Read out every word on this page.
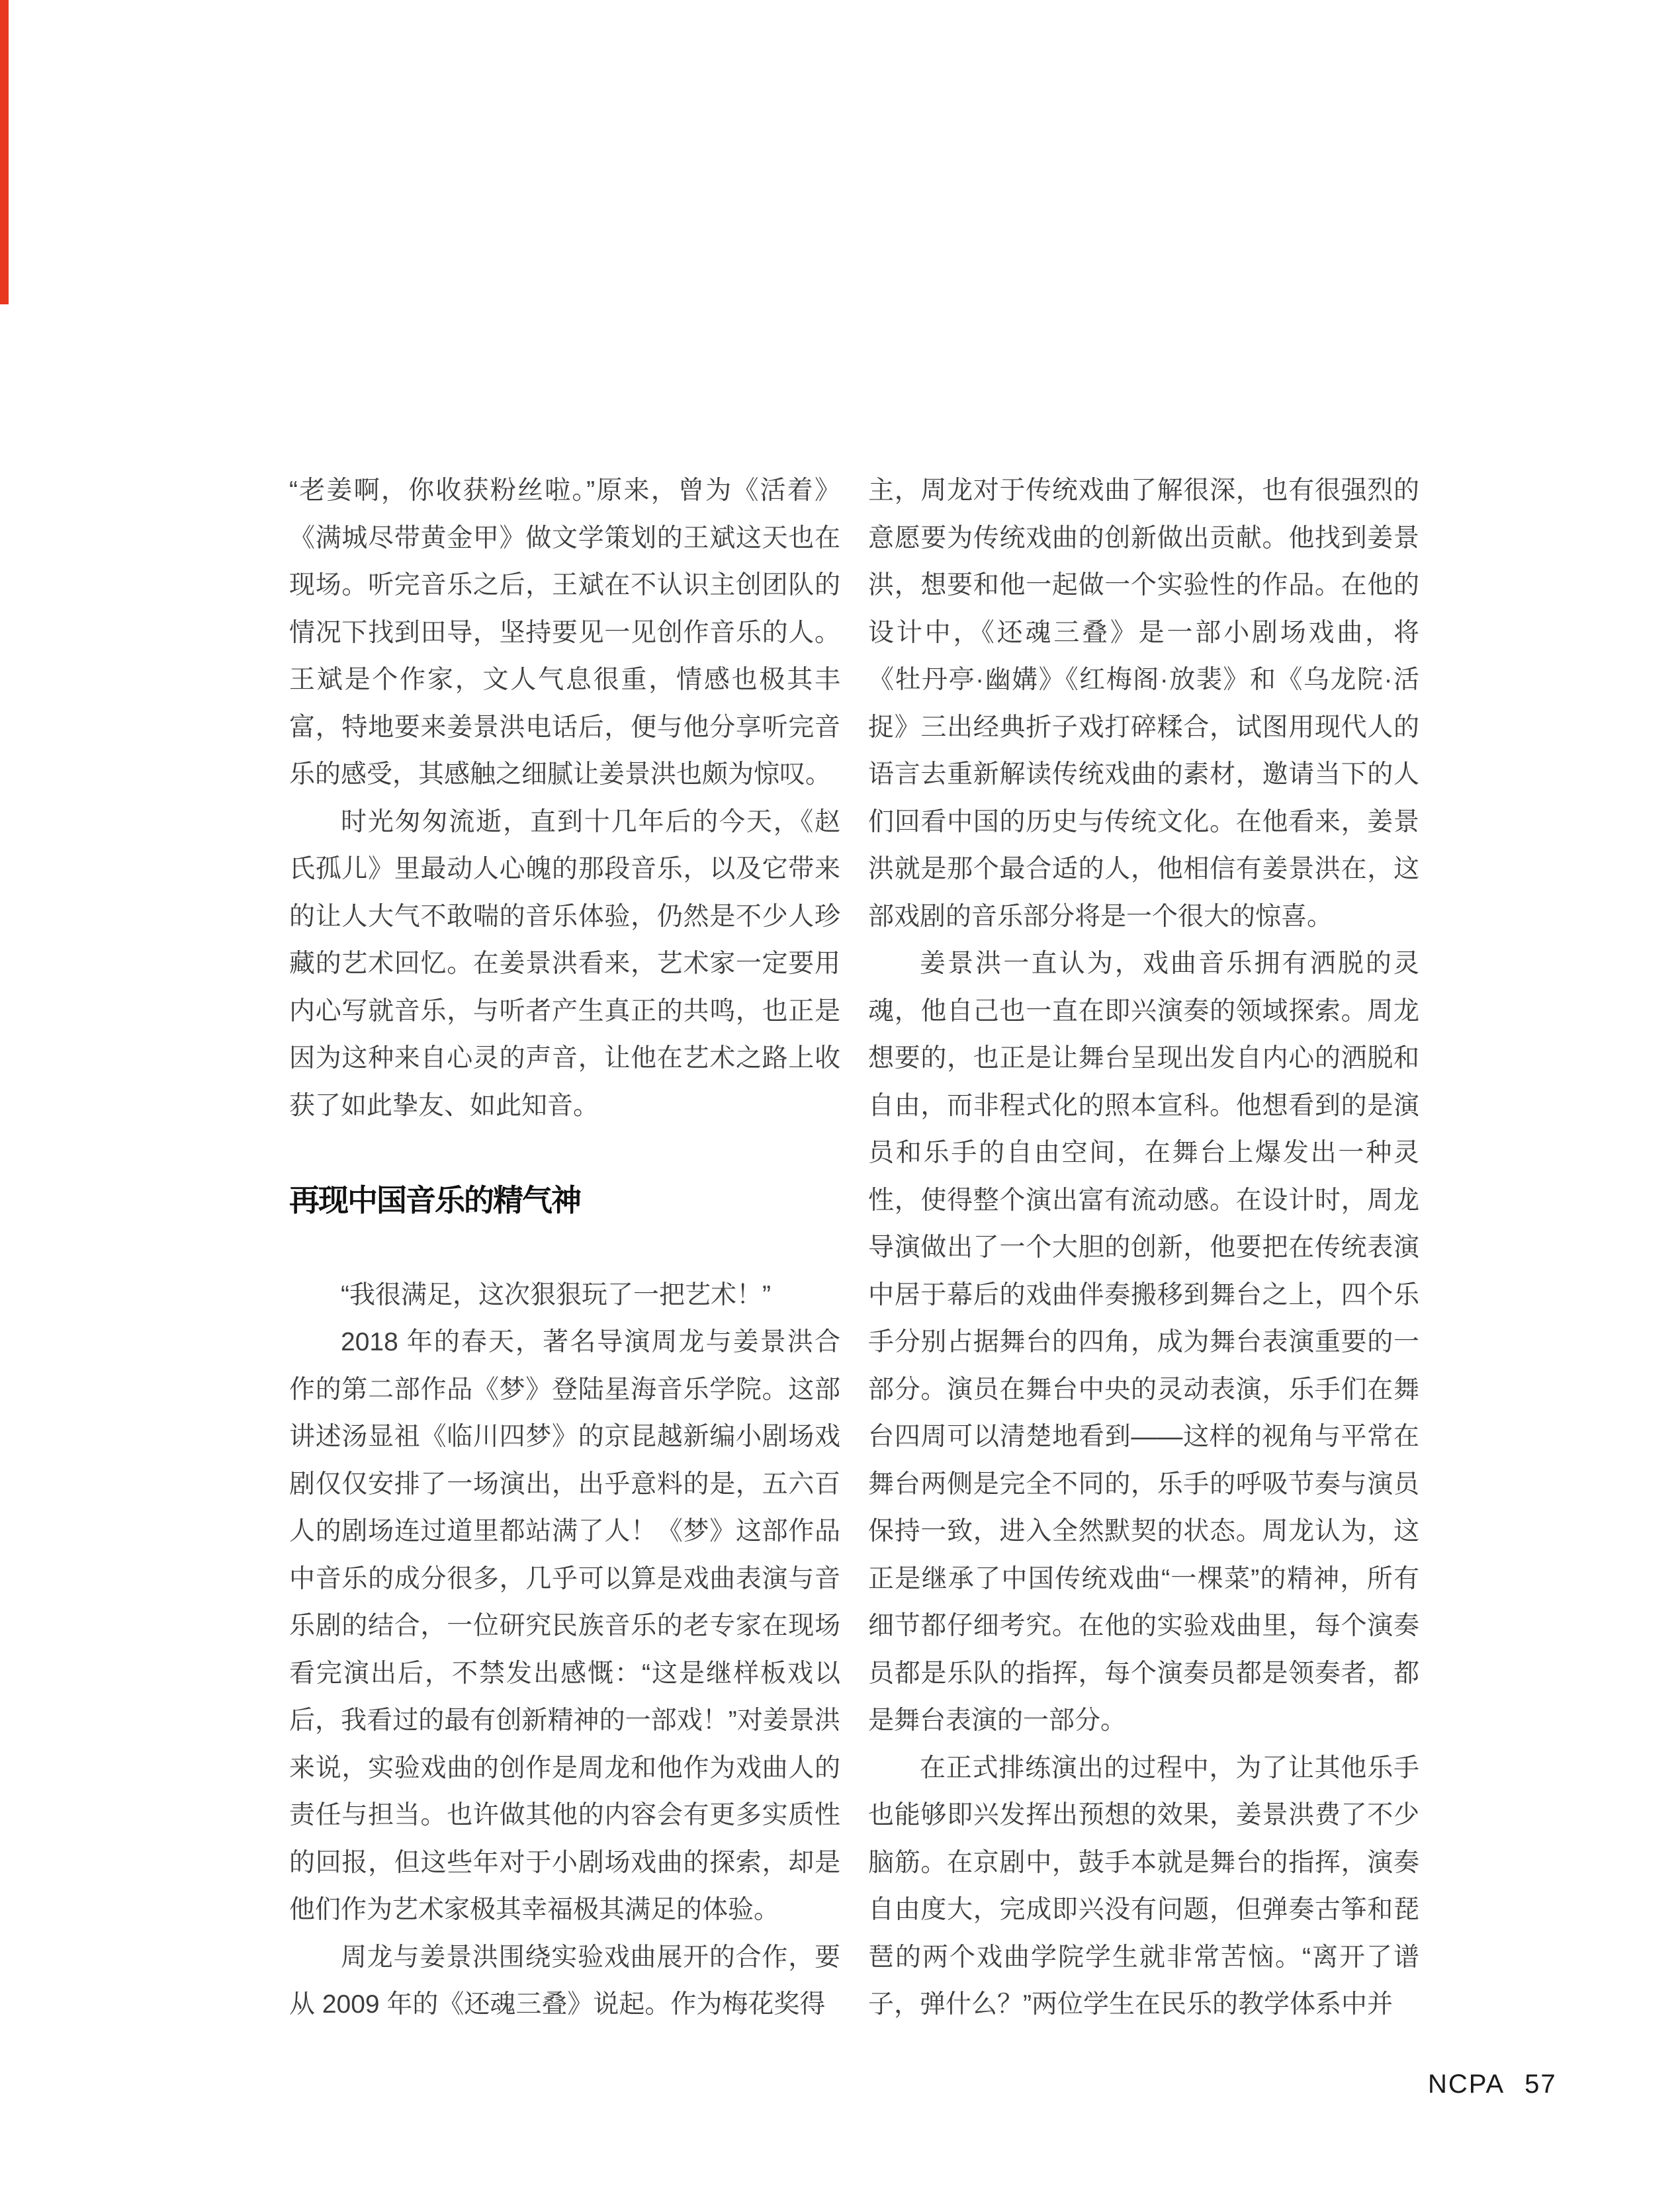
“老姜啊，你收获粉丝啦。”原来，曾为《活着》《满城尽带黄金甲》做文学策划的王斌这天也在现场。听完音乐之后，王斌在不认识主创团队的情况下找到田导，坚持要见一见创作音乐的人。王斌是个作家，文人气息很重，情感也极其丰富，特地要来姜景洪电话后，便与他分享听完音乐的感受，其感触之细腻让姜景洪也颇为惊叹。

时光匆匆流逝，直到十几年后的今天，《赵氏孤儿》里最动人心魄的那段音乐，以及它带来的让人大气不敢喘的音乐体验，仍然是不少人珍藏的艺术回忆。在姜景洪看来，艺术家一定要用内心写就音乐，与听者产生真正的共鸣，也正是因为这种来自心灵的声音，让他在艺术之路上收获了如此挚友、如此知音。

再现中国音乐的精气神

“我很满足，这次狠狠玩了一把艺术！”

2018 年的春天，著名导演周龙与姜景洪合作的第二部作品《梦》登陆星海音乐学院。这部讲述汤显祖《临川四梦》的京昆越新编小剧场戏剧仅仅安排了一场演出，出乎意料的是，五六百人的剧场连过道里都站满了人！《梦》这部作品中音乐的成分很多，几乎可以算是戏曲表演与音乐剧的结合，一位研究民族音乐的老专家在现场看完演出后，不禁发出感慨：“这是继样板戏以后，我看过的最有创新精神的一部戏！”对姜景洪来说，实验戏曲的创作是周龙和他作为戏曲人的责任与担当。也许做其他的内容会有更多实质性的回报，但这些年对于小剧场戏曲的探索，却是他们作为艺术家极其幸福极其满足的体验。

周龙与姜景洪围绕实验戏曲展开的合作，要从 2009 年的《还魂三叠》说起。作为梅花奖得

主，周龙对于传统戏曲了解很深，也有很强烈的意愿要为传统戏曲的创新做出贡献。他找到姜景洪，想要和他一起做一个实验性的作品。在他的设计中，《还魂三叠》是一部小剧场戏曲，将《牡丹亭·幽媾》《红梅阁·放裴》和《乌龙院·活捉》三出经典折子戏打碎糅合，试图用现代人的语言去重新解读传统戏曲的素材，邀请当下的人们回看中国的历史与传统文化。在他看来，姜景洪就是那个最合适的人，他相信有姜景洪在，这部戏剧的音乐部分将是一个很大的惊喜。

姜景洪一直认为，戏曲音乐拥有洒脱的灵魂，他自己也一直在即兴演奏的领域探索。周龙想要的，也正是让舞台呈现出发自内心的洒脱和自由，而非程式化的照本宣科。他想看到的是演员和乐手的自由空间，在舞台上爆发出一种灵性，使得整个演出富有流动感。在设计时，周龙导演做出了一个大胆的创新，他要把在传统表演中居于幕后的戏曲伴奏搬移到舞台之上，四个乐手分别占据舞台的四角，成为舞台表演重要的一部分。演员在舞台中央的灵动表演，乐手们在舞台四周可以清楚地看到——这样的视角与平常在舞台两侧是完全不同的，乐手的呼吸节奏与演员保持一致，进入全然默契的状态。周龙认为，这正是继承了中国传统戏曲“一棵菜”的精神，所有细节都仔细考究。在他的实验戏曲里，每个演奏员都是乐队的指挥，每个演奏员都是领奏者，都是舞台表演的一部分。

在正式排练演出的过程中，为了让其他乐手也能够即兴发挥出预想的效果，姜景洪费了不少脑筋。在京剧中，鼓手本就是舞台的指挥，演奏自由度大，完成即兴没有问题，但弹奏古筝和琵琶的两个戏曲学院学生就非常苦恼。“离开了谱子，弹什么？”两位学生在民乐的教学体系中并

NCPA 57
